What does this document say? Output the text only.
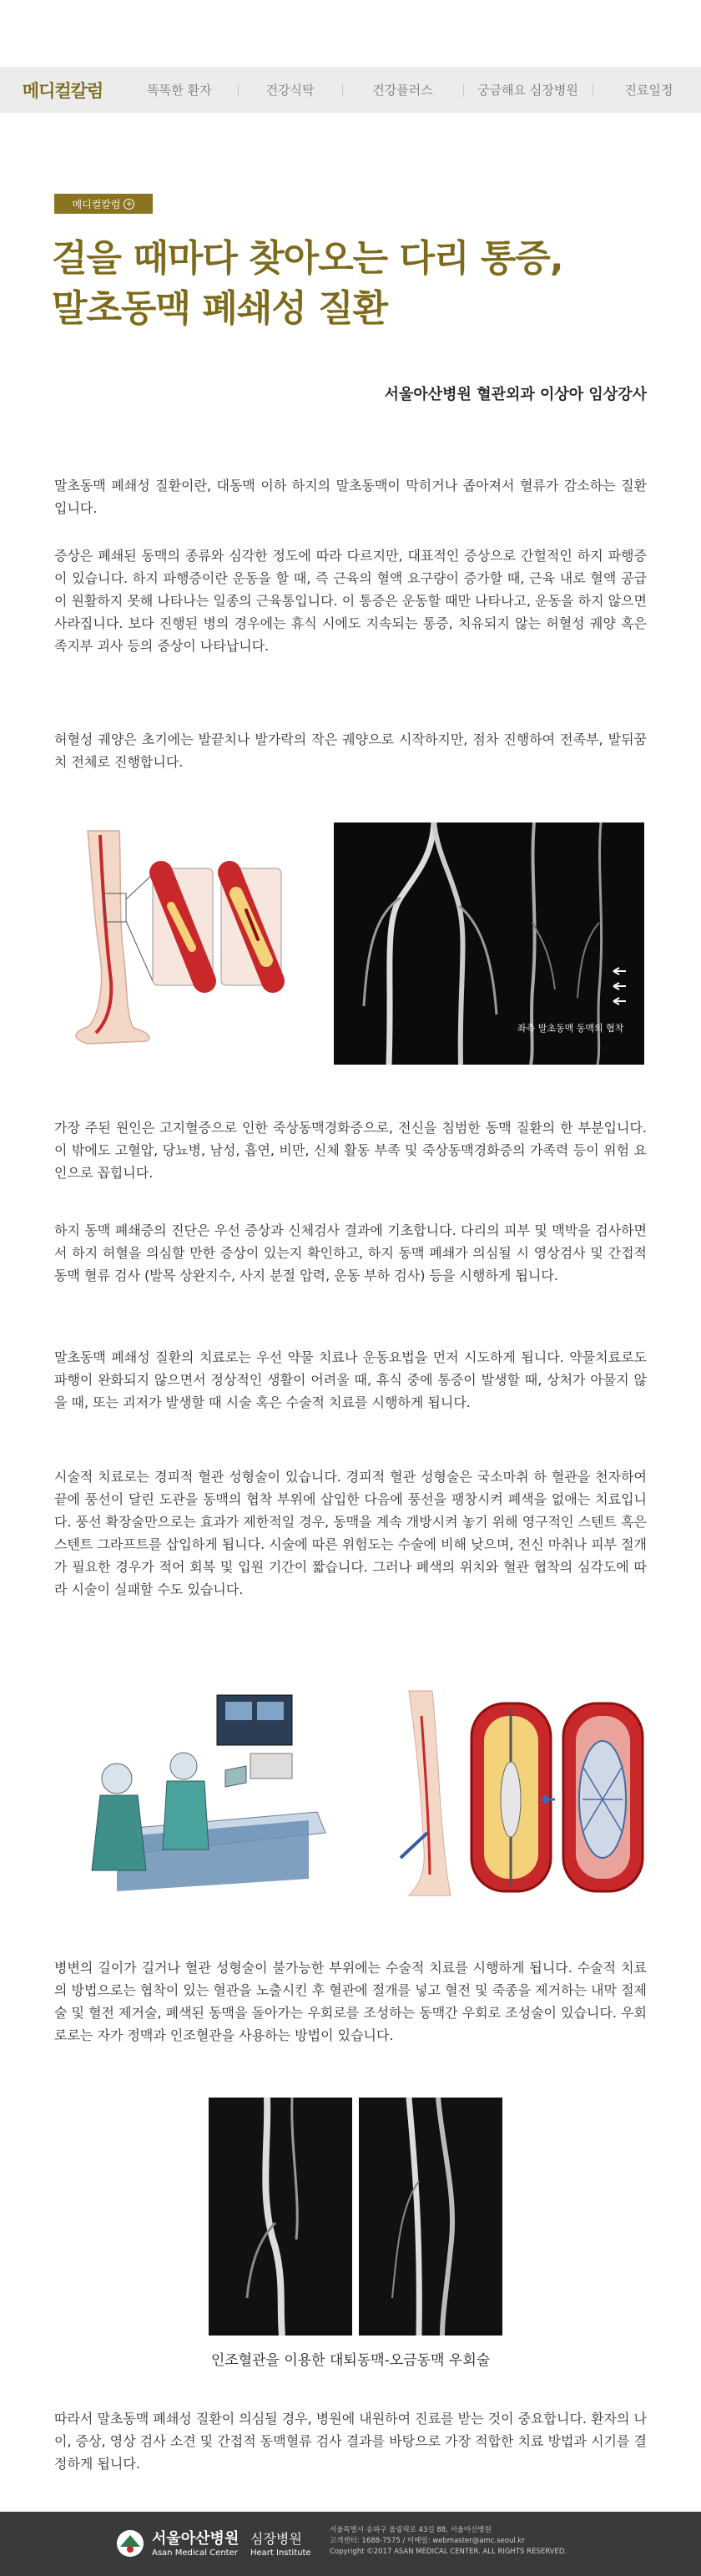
메디컬칼럼	똑똑한 환자	건강식탁	건강플러스	궁금해요 심장병원	진료일정
메디컬칼럼 +
걸을 때마다 찾아오는 다리 통증,
말초동맥 폐쇄성 질환
서울아산병원 혈관외과 이상아 임상강사

말초동맥 폐쇄성 질환이란, 대동맥 이하 하지의 말초동맥이 막히거나 좁아져서 혈류가 감소하는 질환입니다.

증상은 폐쇄된 동맥의 종류와 심각한 정도에 따라 다르지만, 대표적인 증상으로 간헐적인 하지 파행증이 있습니다. 하지 파행증이란 운동을 할 때, 즉 근육의 혈액 요구량이 증가할 때, 근육 내로 혈액 공급이 원활하지 못해 나타나는 일종의 근육통입니다. 이 통증은 운동할 때만 나타나고, 운동을 하지 않으면 사라집니다. 보다 진행된 병의 경우에는 휴식 시에도 지속되는 통증, 치유되지 않는 허혈성 궤양 혹은 족지부 괴사 등의 증상이 나타납니다.

허혈성 궤양은 초기에는 발끝치나 발가락의 작은 궤양으로 시작하지만, 점차 진행하여 전족부, 발뒤꿈치 전체로 진행합니다.

좌측 말초동맥 동맥의 협착

가장 주된 원인은 고지혈증으로 인한 죽상동맥경화증으로, 전신을 침범한 동맥 질환의 한 부분입니다. 이 밖에도 고혈압, 당뇨병, 남성, 흡연, 비만, 신체 활동 부족 및 죽상동맥경화증의 가족력 등이 위험 요인으로 꼽힙니다.

하지 동맥 폐쇄증의 진단은 우선 증상과 신체검사 결과에 기초합니다. 다리의 피부 및 맥박을 검사하면서 하지 허혈을 의심할 만한 증상이 있는지 확인하고, 하지 동맥 폐쇄가 의심될 시 영상검사 및 간접적 동맥 혈류 검사 (발목 상완지수, 사지 분절 압력, 운동 부하 검사) 등을 시행하게 됩니다.

말초동맥 폐쇄성 질환의 치료로는 우선 약물 치료나 운동요법을 먼저 시도하게 됩니다. 약물치료로도 파행이 완화되지 않으면서 정상적인 생활이 어려울 때, 휴식 중에 통증이 발생할 때, 상처가 아물지 않을 때, 또는 괴저가 발생할 때 시술 혹은 수술적 치료를 시행하게 됩니다.

시술적 치료로는 경피적 혈관 성형술이 있습니다. 경피적 혈관 성형술은 국소마취 하 혈관을 천자하여 끝에 풍선이 달린 도관을 동맥의 협착 부위에 삽입한 다음에 풍선을 팽창시켜 폐색을 없애는 치료입니다. 풍선 확장술만으로는 효과가 제한적일 경우, 동맥을 계속 개방시켜 놓기 위해 영구적인 스텐트 혹은 스텐트 그라프트를 삽입하게 됩니다. 시술에 따른 위험도는 수술에 비해 낮으며, 전신 마취나 피부 절개가 필요한 경우가 적어 회복 및 입원 기간이 짧습니다. 그러나 폐색의 위치와 혈관 협착의 심각도에 따라 시술이 실패할 수도 있습니다.

병변의 길이가 길거나 혈관 성형술이 불가능한 부위에는 수술적 치료를 시행하게 됩니다. 수술적 치료의 방법으로는 협착이 있는 혈관을 노출시킨 후 혈관에 절개를 넣고 혈전 및 죽종을 제거하는 내막 절제술 및 혈전 제거술, 폐색된 동맥을 돌아가는 우회로를 조성하는 동맥간 우회로 조성술이 있습니다. 우회로로는 자가 정맥과 인조혈관을 사용하는 방법이 있습니다.

인조혈관을 이용한 대퇴동맥-오금동맥 우회술

따라서 말초동맥 폐쇄성 질환이 의심될 경우, 병원에 내원하여 진료를 받는 것이 중요합니다. 환자의 나이, 증상, 영상 검사 소견 및 간접적 동맥혈류 검사 결과를 바탕으로 가장 적합한 치료 방법과 시기를 결정하게 됩니다.

서울아산병원
Asan Medical Center
심장병원
Heart Institute
서울특별시 송파구 올림픽로 43길 88, 서울아산병원
고객센터: 1688-7575 / 이메일: webmaster@amc.seoul.kr
Copyright ©2017 ASAN MEDICAL CENTER. ALL RIGHTS RESERVED.
